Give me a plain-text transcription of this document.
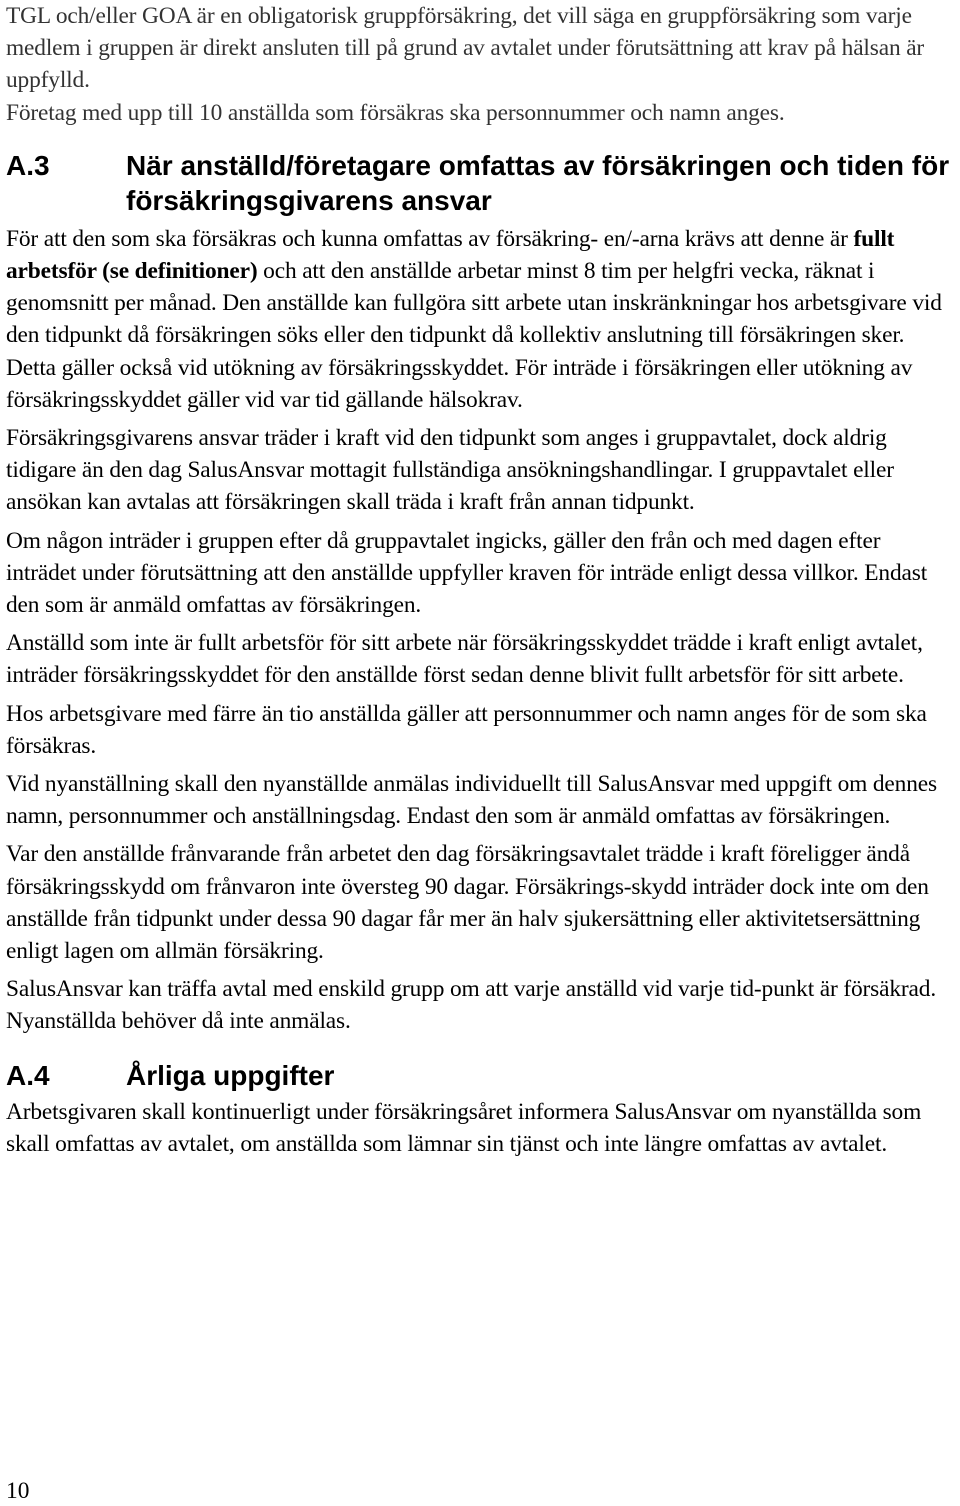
TGL och/eller GOA är en obligatorisk gruppförsäkring, det vill säga en gruppförsäkring som varje medlem i gruppen är direkt ansluten till på grund av avtalet under förutsättning att krav på hälsan är uppfylld.

Företag med upp till 10 anställda som försäkras ska personnummer och namn anges.

A.3	När anställd/företagare omfattas av försäkringen och tiden för försäkringsgivarens ansvar

För att den som ska försäkras och kunna omfattas av försäkring- en/-arna krävs att denne är fullt arbetsför (se definitioner) och att den anställde arbetar minst 8 tim per helgfri vecka, räknat i genomsnitt per månad. Den anställde kan fullgöra sitt arbete utan inskränkningar hos arbetsgivare vid den tidpunkt då försäkringen söks eller den tidpunkt då kollektiv anslutning till försäkringen sker. Detta gäller också vid utökning av försäkringsskyddet. För inträde i försäkringen eller utökning av försäkringsskyddet gäller vid var tid gällande hälsokrav.

Försäkringsgivarens ansvar träder i kraft vid den tidpunkt som anges i gruppavtalet, dock aldrig tidigare än den dag SalusAnsvar mottagit fullständiga ansökningshandlingar. I gruppavtalet eller ansökan kan avtalas att försäkringen skall träda i kraft från annan tidpunkt.

Om någon inträder i gruppen efter då gruppavtalet ingicks, gäller den från och med dagen efter inträdet under förutsättning att den anställde uppfyller kraven för inträde enligt dessa villkor. Endast den som är anmäld omfattas av försäkringen.

Anställd som inte är fullt arbetsför för sitt arbete när försäkringsskyddet trädde i kraft enligt avtalet, inträder försäkringsskyddet för den anställde först sedan denne blivit fullt arbetsför för sitt arbete.

Hos arbetsgivare med färre än tio anställda gäller att personnummer och namn anges för de som ska försäkras.

Vid nyanställning skall den nyanställde anmälas individuellt till SalusAnsvar med uppgift om dennes namn, personnummer och anställningsdag. Endast den som är anmäld omfattas av försäkringen.

Var den anställde frånvarande från arbetet den dag försäkringsavtalet trädde i kraft föreligger ändå försäkringsskydd om frånvaron inte översteg 90 dagar. Försäkrings-skydd inträder dock inte om den anställde från tidpunkt under dessa 90 dagar får mer än halv sjukersättning eller aktivitetsersättning enligt lagen om allmän försäkring.

SalusAnsvar kan träffa avtal med enskild grupp om att varje anställd vid varje tid-punkt är försäkrad. Nyanställda behöver då inte anmälas.

A.4	Årliga uppgifter

Arbetsgivaren skall kontinuerligt under försäkringsåret informera SalusAnsvar om nyanställda som skall omfattas av avtalet, om anställda som lämnar sin tjänst och inte längre omfattas av avtalet.

10
